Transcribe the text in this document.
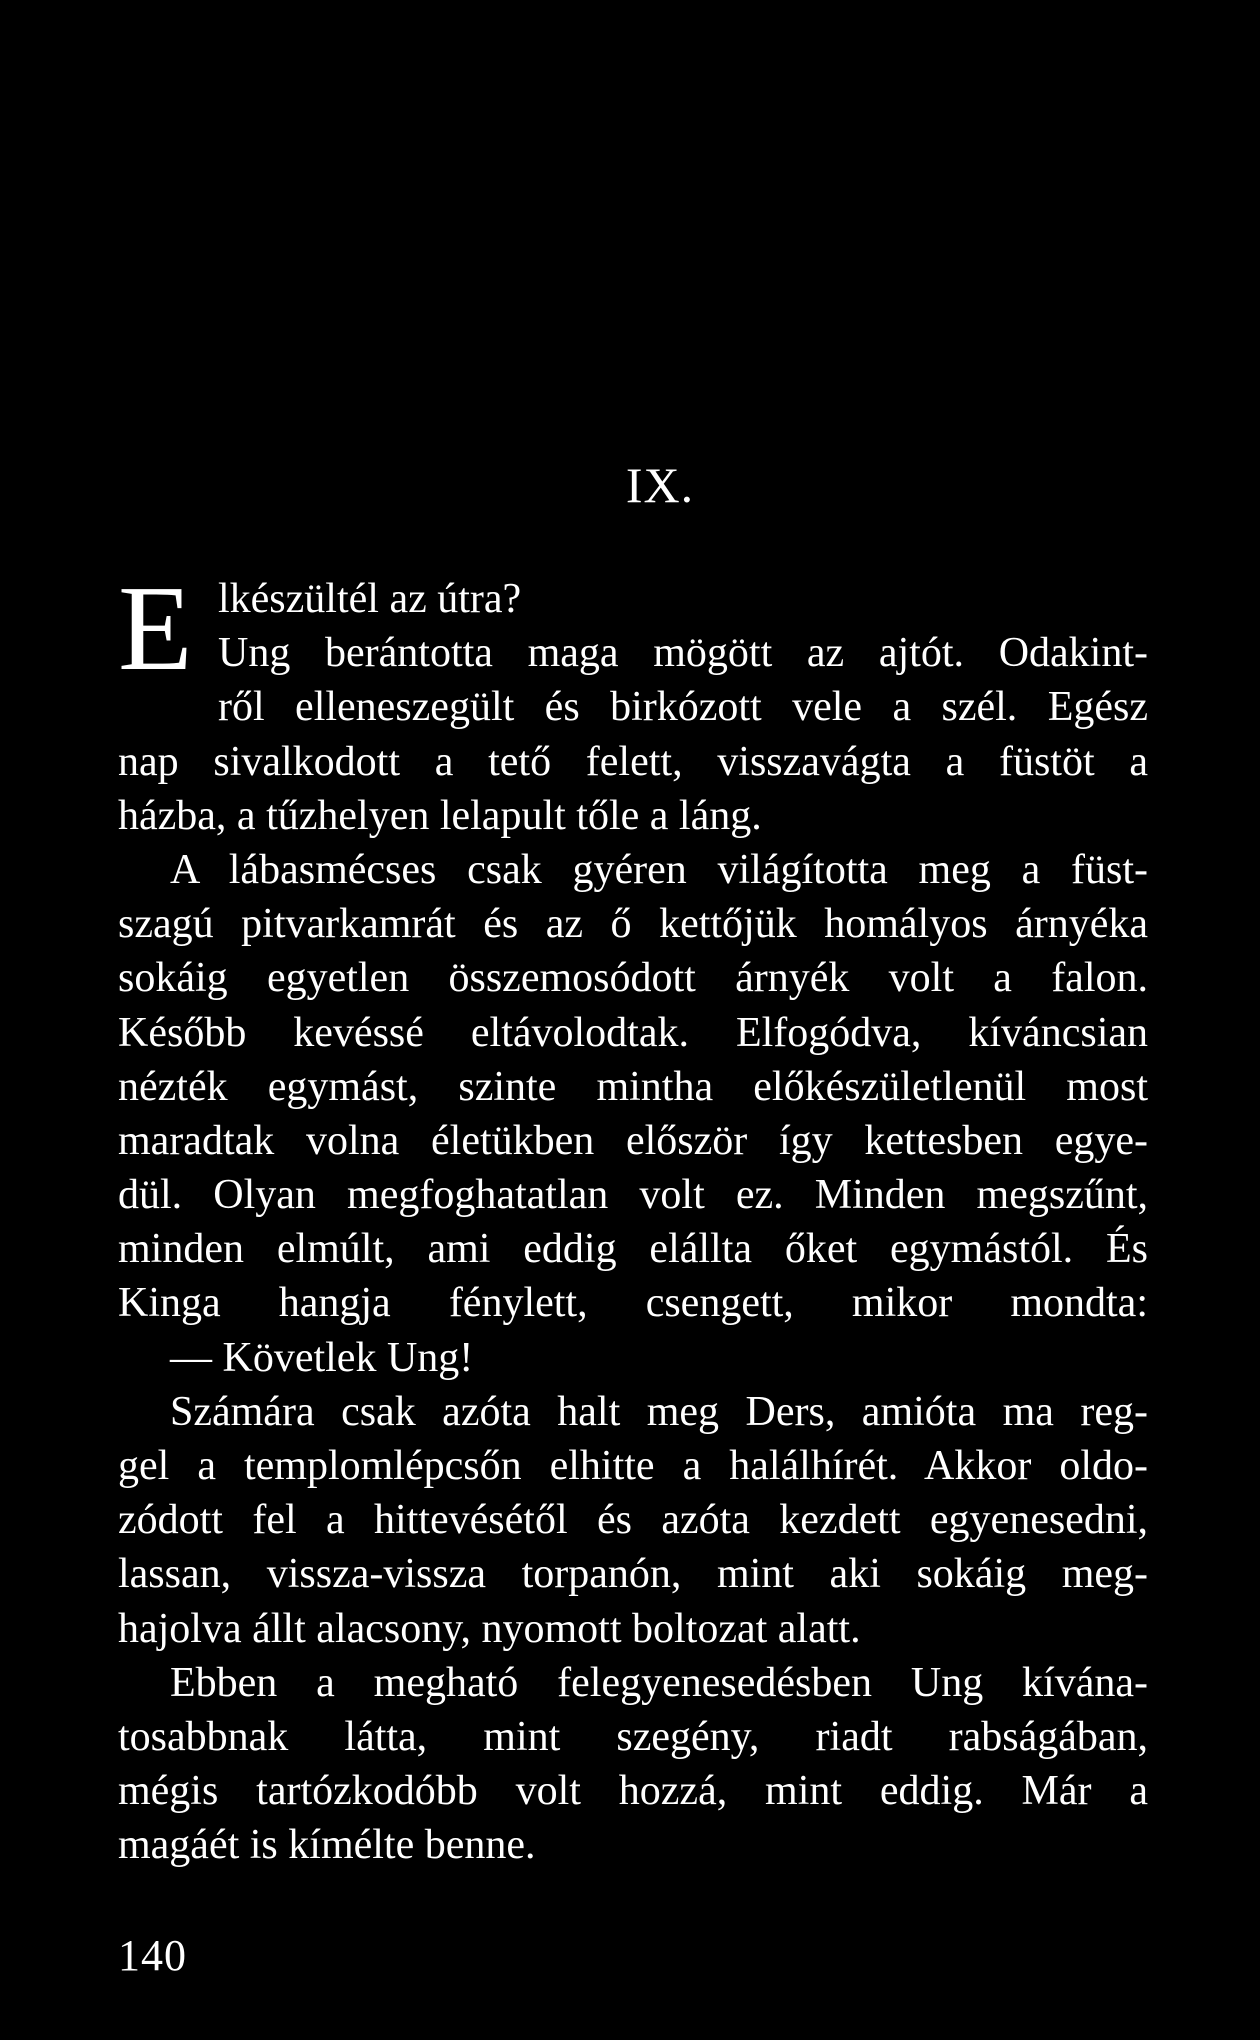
IX.
E lkészültél az útra?
Ung berántotta maga mögött az ajtót. Odakint-
ről elleneszegült és birkózott vele a szél. Egész
nap sivalkodott a tető felett, visszavágta a füstöt a
házba, a tűzhelyen lelapult tőle a láng.
A lábasmécses csak gyéren világította meg a füst-
szagú pitvarkamrát és az ő kettőjük homályos árnyéka
sokáig egyetlen összemosódott árnyék volt a falon.
Később kevéssé eltávolodtak. Elfogódva, kíváncsian
nézték egymást, szinte mintha előkészületlenül most
maradtak volna életükben először így kettesben egye-
dül. Olyan megfoghatatlan volt ez. Minden megszűnt,
minden elmúlt, ami eddig elállta őket egymástól. És
Kinga hangja fénylett, csengett, mikor mondta:
— Követlek Ung!
Számára csak azóta halt meg Ders, amióta ma reg-
gel a templomlépcsőn elhitte a halálhírét. Akkor oldo-
zódott fel a hittevésétől és azóta kezdett egyenesedni,
lassan, vissza-vissza torpanón, mint aki sokáig meg-
hajolva állt alacsony, nyomott boltozat alatt.
Ebben a megható felegyenesedésben Ung kívána-
tosabbnak látta, mint szegény, riadt rabságában,
mégis tartózkodóbb volt hozzá, mint eddig. Már a
magáét is kímélte benne.
140
